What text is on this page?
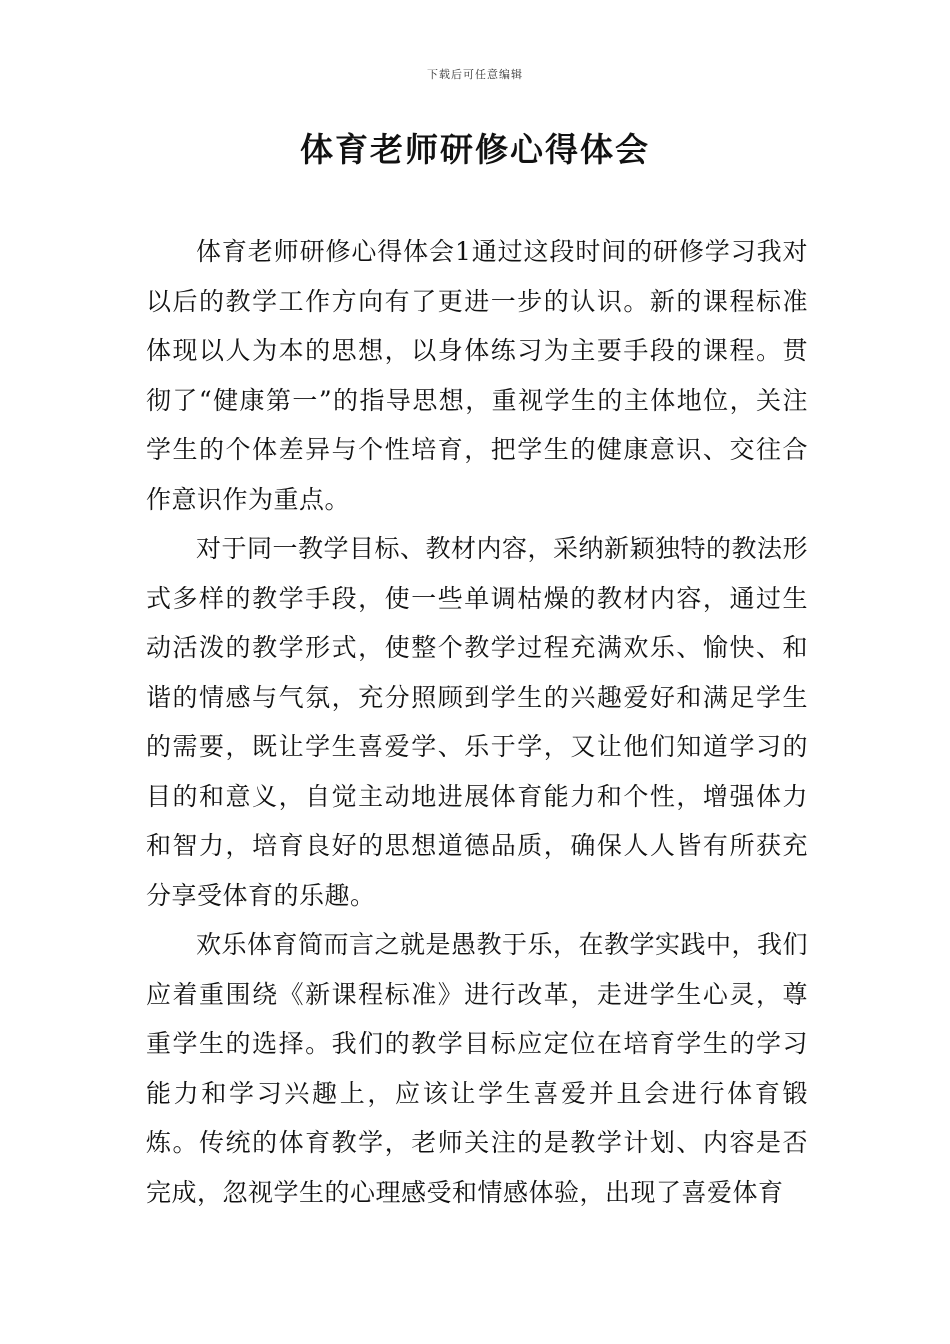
下载后可任意编辑
体育老师研修心得体会

体育老师研修心得体会1通过这段时间的研修学习我对以后的教学工作方向有了更进一步的认识。新的课程标准体现以人为本的思想，以身体练习为主要手段的课程。贯彻了“健康第一”的指导思想，重视学生的主体地位，关注学生的个体差异与个性培育，把学生的健康意识、交往合作意识作为重点。

对于同一教学目标、教材内容，采纳新颖独特的教法形式多样的教学手段，使一些单调枯燥的教材内容，通过生动活泼的教学形式，使整个教学过程充满欢乐、愉快、和谐的情感与气氛，充分照顾到学生的兴趣爱好和满足学生的需要，既让学生喜爱学、乐于学，又让他们知道学习的目的和意义，自觉主动地进展体育能力和个性，增强体力和智力，培育良好的思想道德品质，确保人人皆有所获充分享受体育的乐趣。

欢乐体育简而言之就是愚教于乐，在教学实践中，我们应着重围绕《新课程标准》进行改革，走进学生心灵，尊重学生的选择。我们的教学目标应定位在培育学生的学习能力和学习兴趣上，应该让学生喜爱并且会进行体育锻炼。传统的体育教学，老师关注的是教学计划、内容是否完成，忽视学生的心理感受和情感体验，出现了喜爱体育
